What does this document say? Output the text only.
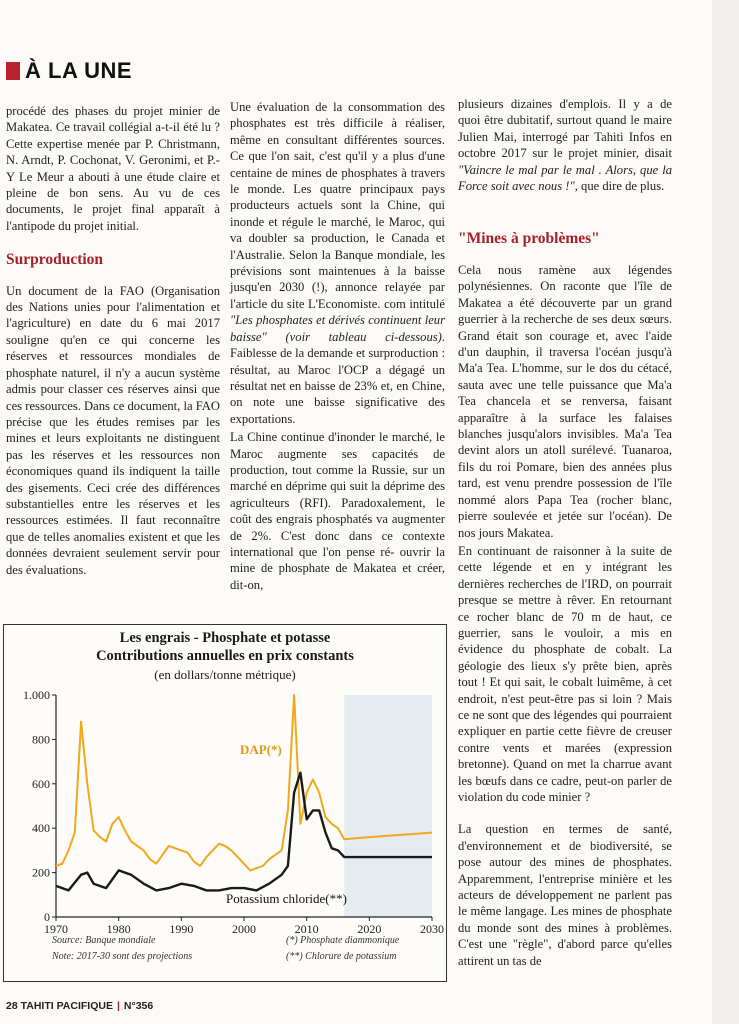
À LA UNE

procédé des phases du projet minier de Makatea. Ce travail collégial a-t-il été lu ? Cette expertise menée par P. Christmann, N. Arndt, P. Cochonat, V. Geronimi, et P.-Y Le Meur a abouti à une étude claire et pleine de bon sens. Au vu de ces documents, le projet final apparaît à l'antipode du projet initial.

Surproduction

Un document de la FAO (Organisation des Nations unies pour l'alimentation et l'agriculture) en date du 6 mai 2017 souligne qu'en ce qui concerne les réserves et ressources mondiales de phosphate naturel, il n'y a aucun système admis pour classer ces réserves ainsi que ces ressources. Dans ce document, la FAO précise que les études remises par les mines et leurs exploitants ne distinguent pas les réserves et les ressources non économiques quand ils indiquent la taille des gisements. Ceci crée des différences substantielles entre les réserves et les ressources estimées. Il faut reconnaître que de telles anomalies existent et que les données devraient seulement servir pour des évaluations.

Une évaluation de la consommation des phosphates est très difficile à réaliser, même en consultant différentes sources. Ce que l'on sait, c'est qu'il y a plus d'une centaine de mines de phosphates à travers le monde. Les quatre principaux pays producteurs actuels sont la Chine, qui inonde et régule le marché, le Maroc, qui va doubler sa production, le Canada et l'Australie. Selon la Banque mondiale, les prévisions sont maintenues à la baisse jusqu'en 2030 (!), annonce relayée par l'article du site L'Economiste. com intitulé "Les phosphates et dérivés continuent leur baisse" (voir tableau ci-dessous). Faiblesse de la demande et surproduction : résultat, au Maroc l'OCP a dégagé un résultat net en baisse de 23% et, en Chine, on note une baisse significative des exportations.

La Chine continue d'inonder le marché, le Maroc augmente ses capacités de production, tout comme la Russie, sur un marché en déprime qui suit la déprime des agriculteurs (RFI). Paradoxalement, le coût des engrais phosphatés va augmenter de 2%. C'est donc dans ce contexte international que l'on pense ré- ouvrir la mine de phosphate de Makatea et créer, dit-on,

plusieurs dizaines d'emplois. Il y a de quoi être dubitatif, surtout quand le maire Julien Mai, interrogé par Tahiti Infos en octobre 2017 sur le projet minier, disait "Vaincre le mal par le mal . Alors, que la Force soit avec nous !", que dire de plus.

"Mines à problèmes"

Cela nous ramène aux légendes polynésiennes. On raconte que l'île de Makatea a été découverte par un grand guerrier à la recherche de ses deux sœurs. Grand était son courage et, avec l'aide d'un dauphin, il traversa l'océan jusqu'à Ma'a Tea. L'homme, sur le dos du cétacé, sauta avec une telle puissance que Ma'a Tea chancela et se renversa, faisant apparaître à la surface les falaises blanches jusqu'alors invisibles. Ma'a Tea devint alors un atoll surélevé. Tuanaroa, fils du roi Pomare, bien des années plus tard, est venu prendre possession de l'île nommé alors Papa Tea (rocher blanc, pierre soulevée et jetée sur l'océan). De nos jours Makatea.

En continuant de raisonner à la suite de cette légende et en y intégrant les dernières recherches de l'IRD, on pourrait presque se mettre à rêver. En retournant ce rocher blanc de 70 m de haut, ce guerrier, sans le vouloir, a mis en évidence du phosphate de cobalt. La géologie des lieux s'y prête bien, après tout ! Et qui sait, le cobalt luimême, à cet endroit, n'est peut-être pas si loin ? Mais ce ne sont que des légendes qui pourraient expliquer en partie cette fièvre de creuser contre vents et marées (expression bretonne). Quand on met la charrue avant les bœufs dans ce cadre, peut-on parler de violation du code minier ?

La question en termes de santé, d'environnement et de biodiversité, se pose autour des mines de phosphates. Apparemment, l'entreprise minière et les acteurs de développement ne parlent pas le même langage. Les mines de phosphate du monde sont des mines à problèmes. C'est une "règle", d'abord parce qu'elles attirent un tas de

Les engrais - Phosphate et potasse
Contributions annuelles en prix constants
(en dollars/tonne métrique)
0
200
400
600
800
1.000
1970	1980	1990	2000	2010	2020	2030
DAP(*)
Potassium chloride(**)
Source: Banque mondiale
Note: 2017-30 sont des projections
(*) Phosphate diammonique
(**) Chlorure de potassium
28 TAHITI PACIFIQUE | N°356
